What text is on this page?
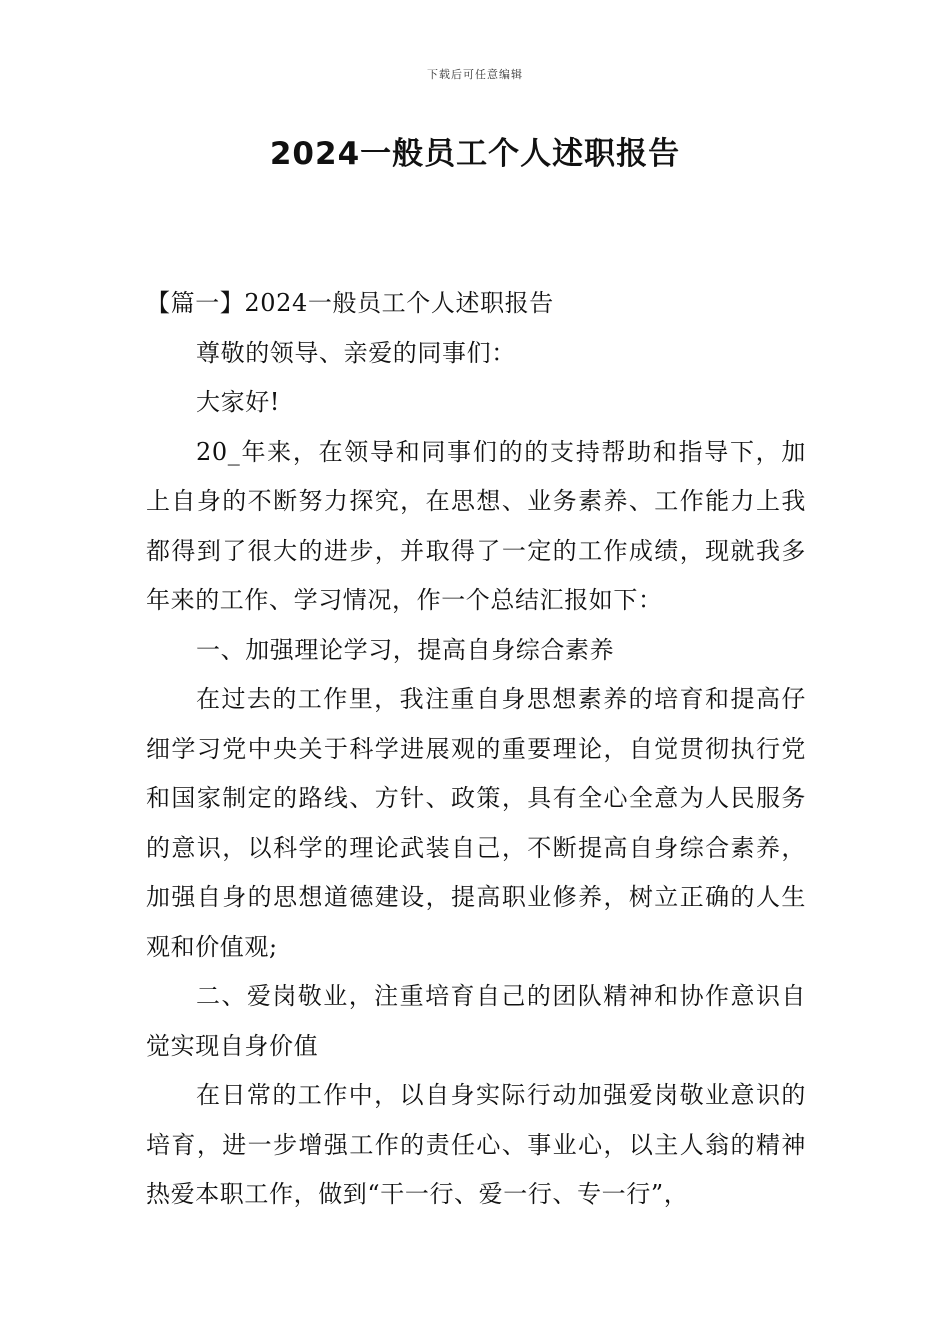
下载后可任意编辑
2024一般员工个人述职报告

【篇一】2024一般员工个人述职报告

尊敬的领导、亲爱的同事们：

大家好!

20_年来，在领导和同事们的的支持帮助和指导下，加上自身的不断努力探究，在思想、业务素养、工作能力上我都得到了很大的进步，并取得了一定的工作成绩，现就我多年来的工作、学习情况，作一个总结汇报如下：

一、加强理论学习，提高自身综合素养

在过去的工作里，我注重自身思想素养的培育和提高仔细学习党中央关于科学进展观的重要理论，自觉贯彻执行党和国家制定的路线、方针、政策，具有全心全意为人民服务的意识，以科学的理论武装自己，不断提高自身综合素养，加强自身的思想道德建设，提高职业修养，树立正确的人生观和价值观;

二、爱岗敬业，注重培育自己的团队精神和协作意识自觉实现自身价值

在日常的工作中，以自身实际行动加强爱岗敬业意识的培育，进一步增强工作的责任心、事业心，以主人翁的精神热爱本职工作，做到“干一行、爱一行、专一行”，
